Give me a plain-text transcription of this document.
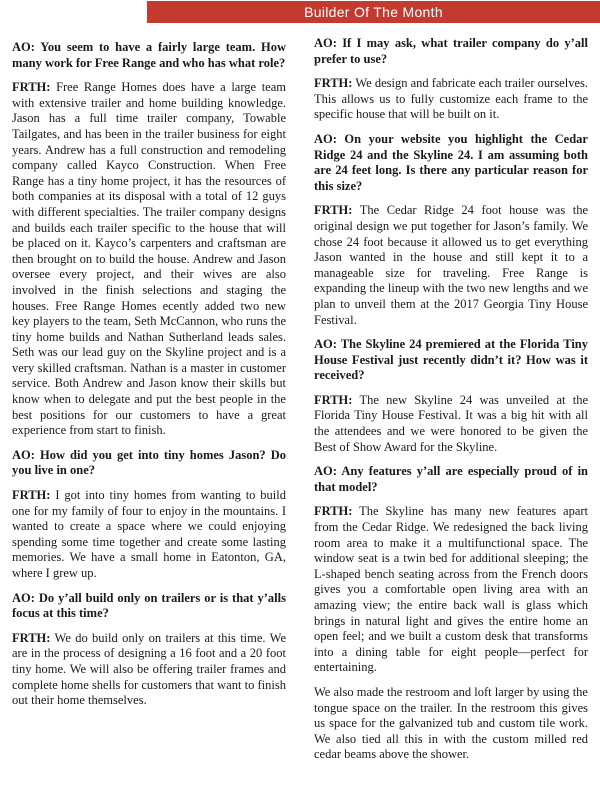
Builder Of The Month

AO: You seem to have a fairly large team. How many work for Free Range and who has what role?

FRTH: Free Range Homes does have a large team with extensive trailer and home building knowledge. Jason has a full time trailer company, Towable Tailgates, and has been in the trailer business for eight years. Andrew has a full construction and remodeling company called Kayco Construction. When Free Range has a tiny home project, it has the resources of both companies at its disposal with a total of 12 guys with different specialties. The trailer company designs and builds each trailer specific to the house that will be placed on it. Kayco’s carpenters and craftsman are then brought on to build the house. Andrew and Jason oversee every project, and their wives are also involved in the finish selections and staging the houses. Free Range Homes ecently added two new key players to the team, Seth McCannon, who runs the tiny home builds and Nathan Sutherland leads sales. Seth was our lead guy on the Skyline project and is a very skilled craftsman. Nathan is a master in customer service. Both Andrew and Jason know their skills but know when to delegate and put the best people in the best positions for our customers to have a great experience from start to finish.

AO: How did you get into tiny homes Jason? Do you live in one?

FRTH: I got into tiny homes from wanting to build one for my family of four to enjoy in the mountains. I wanted to create a space where we could enjoying spending some time together and create some lasting memories. We have a small home in Eatonton, GA, where I grew up.

AO: Do y’all build only on trailers or is that y’alls focus at this time?

FRTH: We do build only on trailers at this time. We are in the process of designing a 16 foot and a 20 foot tiny home. We will also be offering trailer frames and complete home shells for customers that want to finish out their home themselves.

AO: If I may ask, what trailer company do y’all prefer to use?

FRTH: We design and fabricate each trailer ourselves. This allows us to fully customize each frame to the specific house that will be built on it.

AO: On your website you highlight the Cedar Ridge 24 and the Skyline 24. I am assuming both are 24 feet long. Is there any particular reason for this size?

FRTH: The Cedar Ridge 24 foot house was the original design we put together for Jason’s family. We chose 24 foot because it allowed us to get everything Jason wanted in the house and still kept it to a manageable size for traveling. Free Range is expanding the lineup with the two new lengths and we plan to unveil them at the 2017 Georgia Tiny House Festival.

AO: The Skyline 24 premiered at the Florida Tiny House Festival just recently didn’t it? How was it received?

FRTH: The new Skyline 24 was unveiled at the Florida Tiny House Festival. It was a big hit with all the attendees and we were honored to be given the Best of Show Award for the Skyline.

AO: Any features y’all are especially proud of in that model?

FRTH: The Skyline has many new features apart from the Cedar Ridge. We redesigned the back living room area to make it a multifunctional space. The window seat is a twin bed for additional sleeping; the L-shaped bench seating across from the French doors gives you a comfortable open living area with an amazing view; the entire back wall is glass which brings in natural light and gives the entire home an open feel; and we built a custom desk that transforms into a dining table for eight people—perfect for entertaining.

We also made the restroom and loft larger by using the tongue space on the trailer. In the restroom this gives us space for the galvanized tub and custom tile work. We also tied all this in with the custom milled red cedar beams above the shower.
